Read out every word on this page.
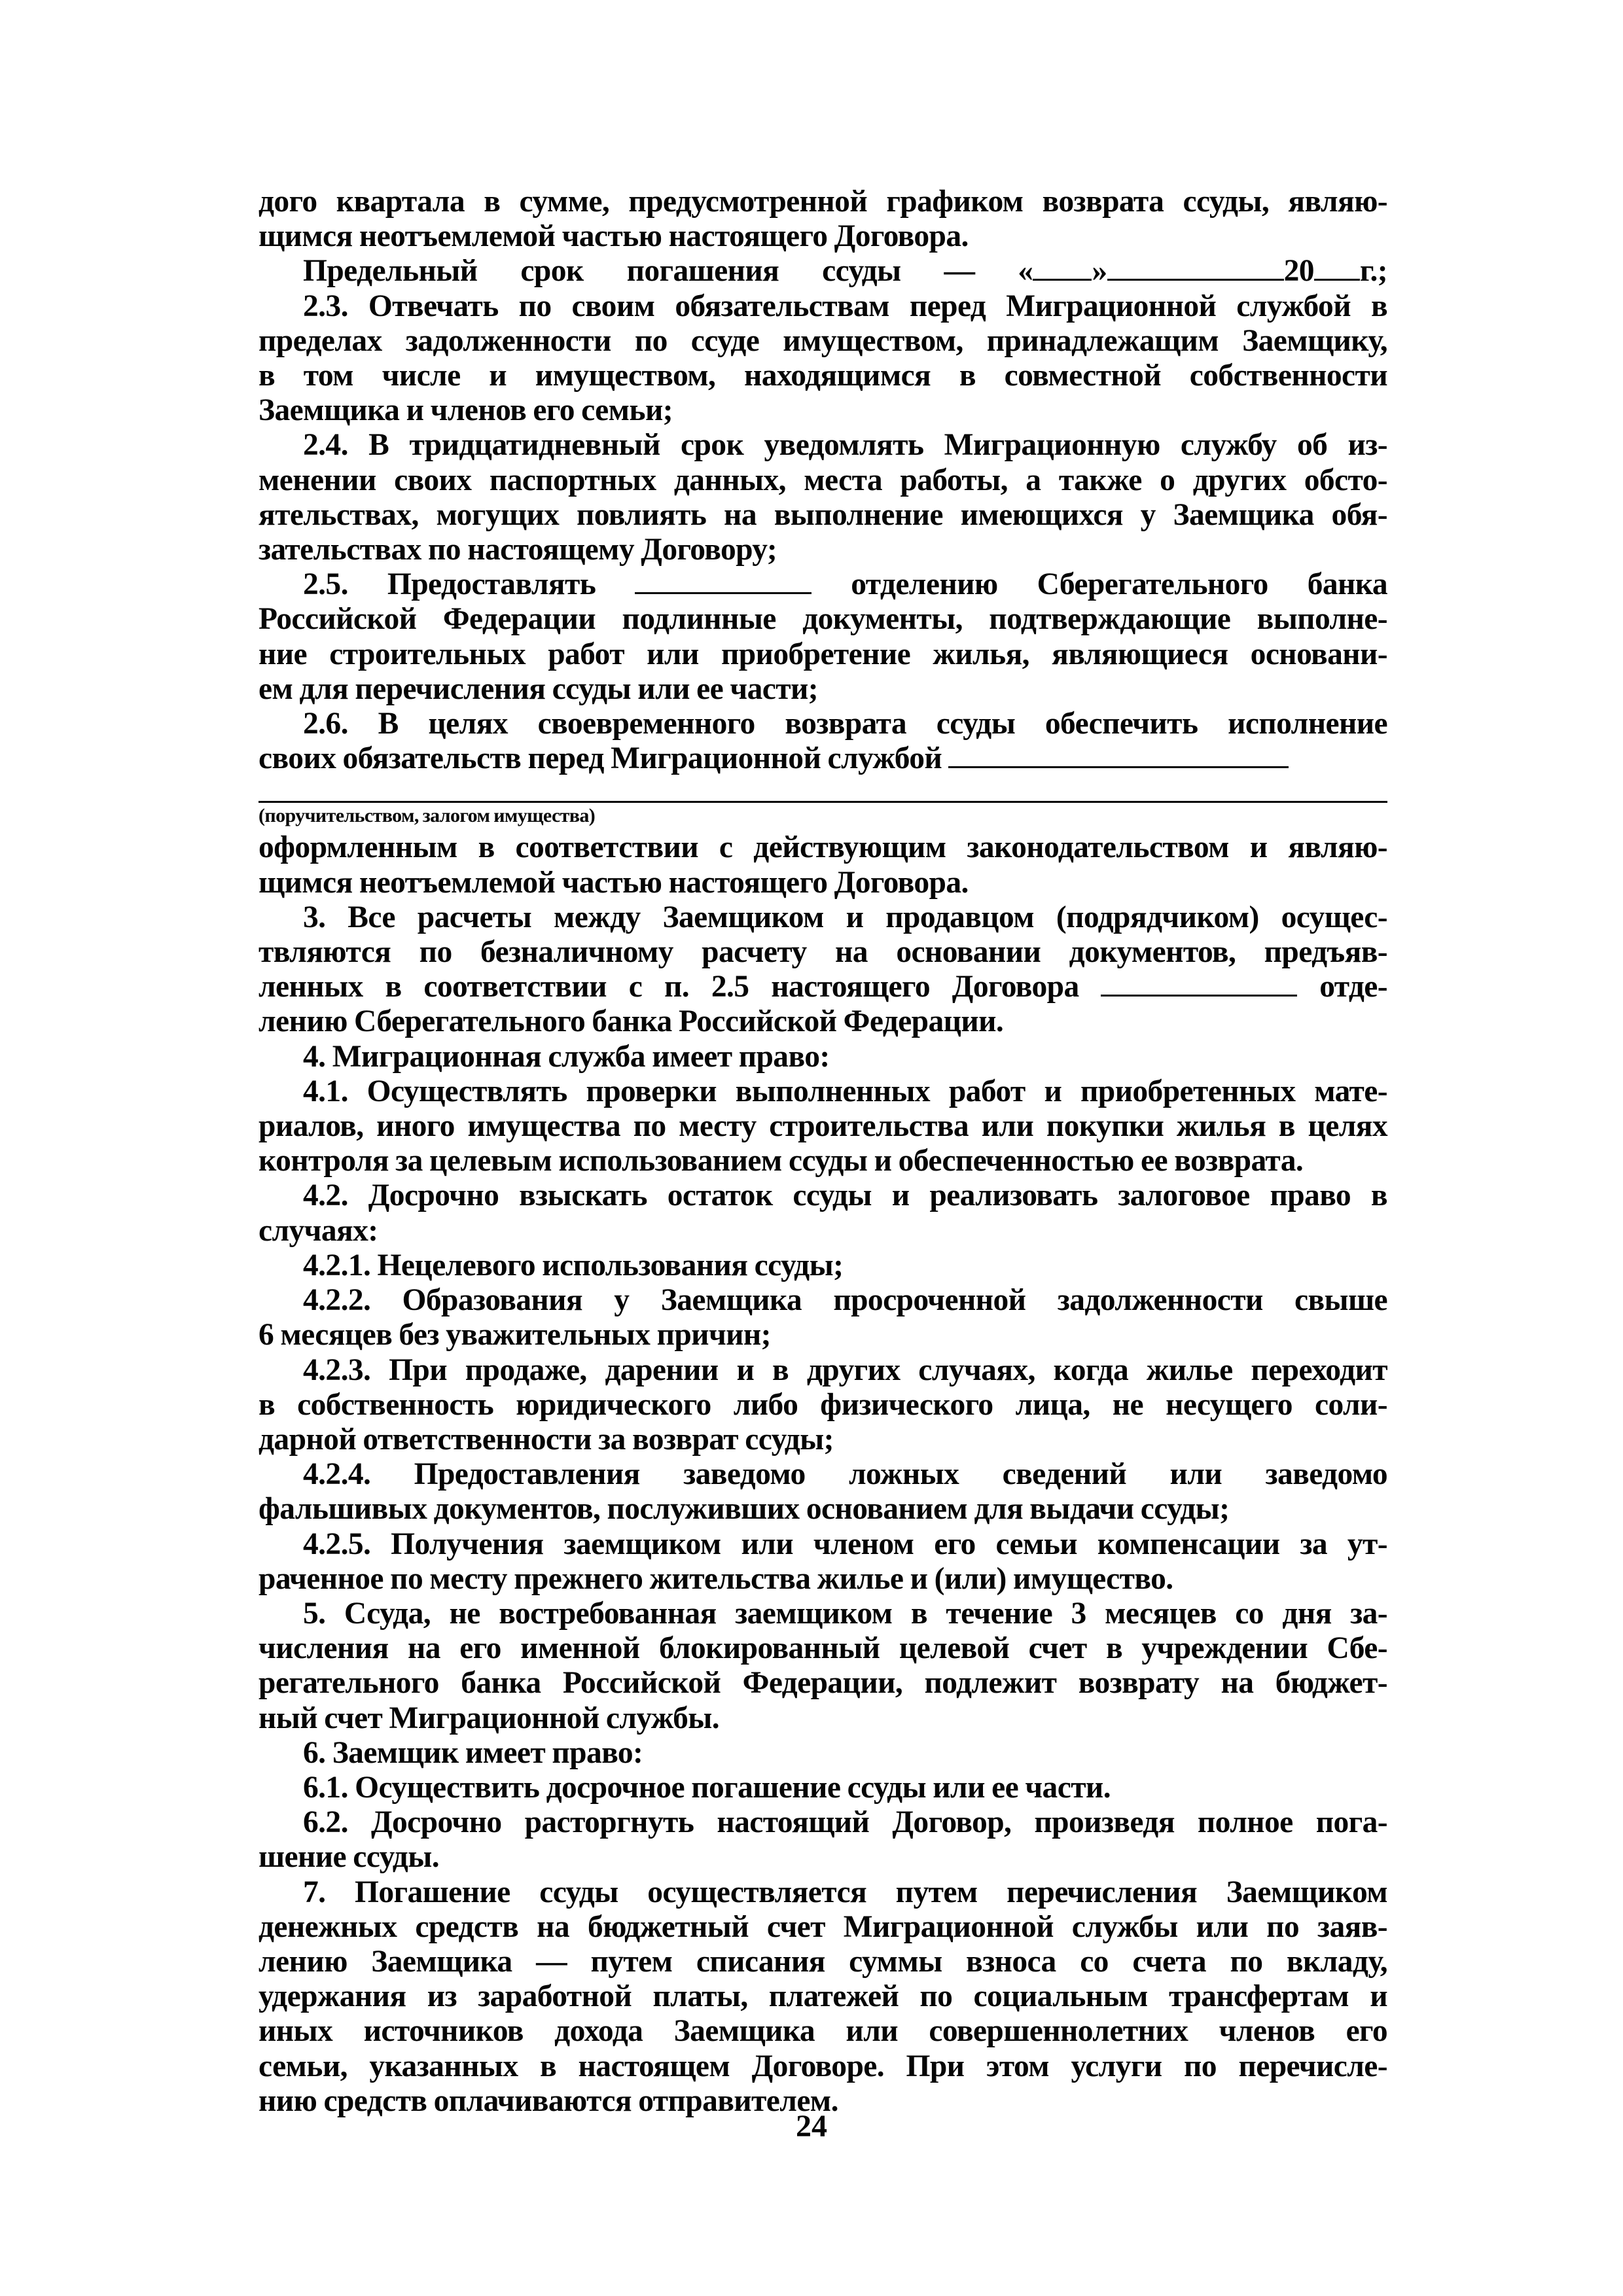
дого квартала в сумме, предусмотренной графиком возврата ссуды, являю-
щимся неотъемлемой частью настоящего Договора.
Предельный срок погашения ссуды — « »	20 г.;
2.3. Отвечать по своим обязательствам перед Миграционной службой в
пределах задолженности по ссуде имуществом, принадлежащим Заемщику,
в том числе и имуществом, находящимся в совместной собственности
Заемщика и членов его семьи;
2.4. В тридцатидневный срок уведомлять Миграционную службу об из-
менении своих паспортных данных, места работы, а также о других обсто-
ятельствах, могущих повлиять на выполнение имеющихся у Заемщика обя-
зательствах по настоящему Договору;
2.5. Предоставлять	отделению Сберегательного банка
Российской Федерации подлинные документы, подтверждающие выполне-
ние строительных работ или приобретение жилья, являющиеся основани-
ем для перечисления ссуды или ее части;
2.6. В целях своевременного возврата ссуды обеспечить исполнение
своих обязательств перед Миграционной службой
(поручительством, залогом имущества)
оформленным в соответствии с действующим законодательством и являю-
щимся неотъемлемой частью настоящего Договора.
3. Все расчеты между Заемщиком и продавцом (подрядчиком) осущес-
твляются по безналичному расчету на основании документов, предъяв-
ленных в соответствии с п. 2.5 настоящего Договора	отде-
лению Сберегательного банка Российской Федерации.
4. Миграционная служба имеет право:
4.1. Осуществлять проверки выполненных работ и приобретенных мате-
риалов, иного имущества по месту строительства или покупки жилья в целях
контроля за целевым использованием ссуды и обеспеченностью ее возврата.
4.2. Досрочно взыскать остаток ссуды и реализовать залоговое право в
случаях:
4.2.1. Нецелевого использования ссуды;
4.2.2. Образования у Заемщика просроченной задолженности свыше
6 месяцев без уважительных причин;
4.2.3. При продаже, дарении и в других случаях, когда жилье переходит
в собственность юридического либо физического лица, не несущего соли-
дарной ответственности за возврат ссуды;
4.2.4. Предоставления заведомо ложных сведений или заведомо
фальшивых документов, послуживших основанием для выдачи ссуды;
4.2.5. Получения заемщиком или членом его семьи компенсации за ут-
раченное по месту прежнего жительства жилье и (или) имущество.
5. Ссуда, не востребованная заемщиком в течение 3 месяцев со дня за-
числения на его именной блокированный целевой счет в учреждении Сбе-
регательного банка Российской Федерации, подлежит возврату на бюджет-
ный счет Миграционной службы.
6. Заемщик имеет право:
6.1. Осуществить досрочное погашение ссуды или ее части.
6.2. Досрочно расторгнуть настоящий Договор, произведя полное пога-
шение ссуды.
7. Погашение ссуды осуществляется путем перечисления Заемщиком
денежных средств на бюджетный счет Миграционной службы или по заяв-
лению Заемщика — путем списания суммы взноса со счета по вкладу,
удержания из заработной платы, платежей по социальным трансфертам и
иных источников дохода Заемщика или совершеннолетних членов его
семьи, указанных в настоящем Договоре. При этом услуги по перечисле-
нию средств оплачиваются отправителем.
24
